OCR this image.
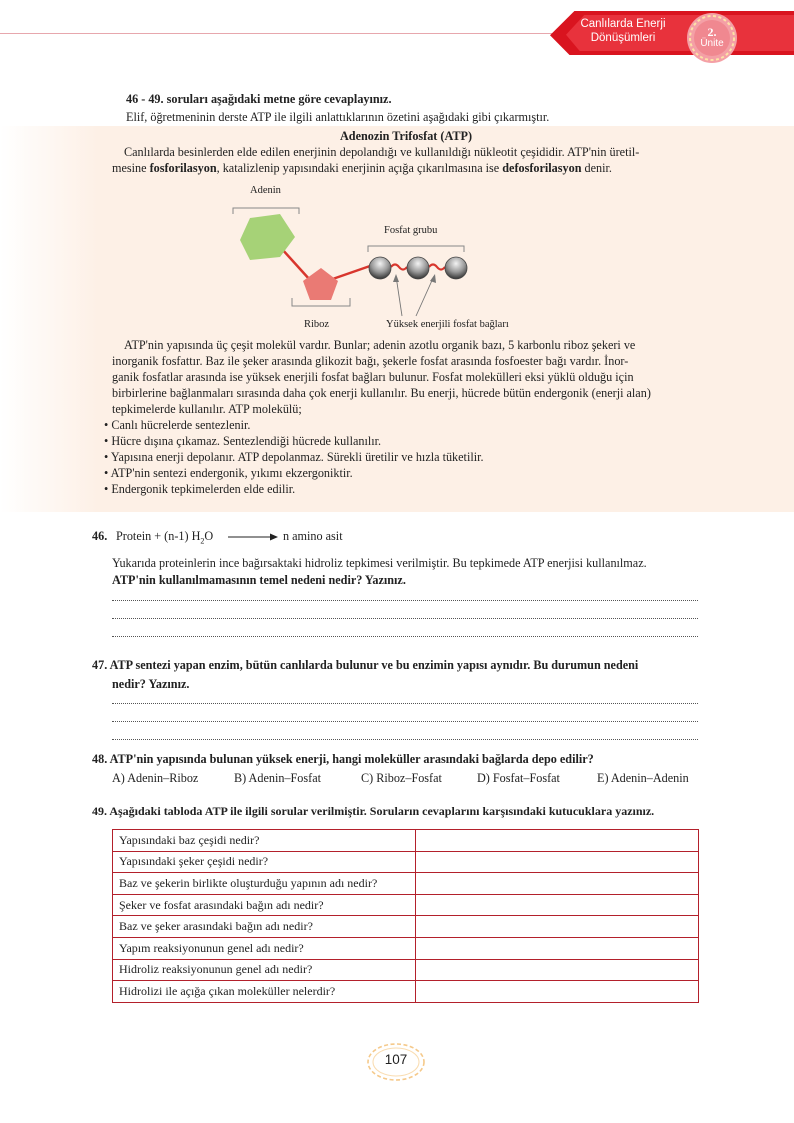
Canlılarda Enerji
Dönüşümleri	2.
Ünite
46 - 49. soruları aşağıdaki metne göre cevaplayınız.
Elif, öğretmeninin derste ATP ile ilgili anlattıklarının özetini aşağıdaki gibi çıkarmıştır.
Adenozin Trifosfat (ATP)
Canlılarda besinlerden elde edilen enerjinin depolandığı ve kullanıldığı nükleotit çeşididir. ATP'nin üretil-
mesine fosforilasyon, katalizlenip yapısındaki enerjinin açığa çıkarılmasına ise defosforilasyon denir.
Adenin
Fosfat grubu
Riboz	Yüksek enerjili fosfat bağları
ATP'nin yapısında üç çeşit molekül vardır. Bunlar; adenin azotlu organik bazı, 5 karbonlu riboz şekeri ve
inorganik fosfattır. Baz ile şeker arasında glikozit bağı, şekerle fosfat arasında fosfoester bağı vardır. İnor-
ganik fosfatlar arasında ise yüksek enerjili fosfat bağları bulunur. Fosfat molekülleri eksi yüklü olduğu için
birbirlerine bağlanmaları sırasında daha çok enerji kullanılır. Bu enerji, hücrede bütün endergonik (enerji alan)
tepkimelerde kullanılır. ATP molekülü;
• Canlı hücrelerde sentezlenir.
• Hücre dışına çıkamaz. Sentezlendiği hücrede kullanılır.
• Yapısına enerji depolanır. ATP depolanmaz. Sürekli üretilir ve hızla tüketilir.
• ATP'nin sentezi endergonik, yıkımı ekzergoniktir.
• Endergonik tepkimelerden elde edilir.
46. Protein + (n-1) $H_2O$	n amino asit
Yukarıda proteinlerin ince bağırsaktaki hidroliz tepkimesi verilmiştir. Bu tepkimede ATP enerjisi kullanılmaz.
ATP'nin kullanılmamasının temel nedeni nedir? Yazınız.
47. ATP sentezi yapan enzim, bütün canlılarda bulunur ve bu enzimin yapısı aynıdır. Bu durumun nedeni
nedir? Yazınız.
48. ATP'nin yapısında bulunan yüksek enerji, hangi moleküller arasındaki bağlarda depo edilir?
A) Adenin–Riboz	B) Adenin–Fosfat	C) Riboz–Fosfat	D) Fosfat–Fosfat	E) Adenin–Adenin
49. Aşağıdaki tabloda ATP ile ilgili sorular verilmiştir. Soruların cevaplarını karşısındaki kutucuklara yazınız.
Yapısındaki baz çeşidi nedir?	
Yapısındaki şeker çeşidi nedir?	
Baz ve şekerin birlikte oluşturduğu yapının adı nedir?	
Şeker ve fosfat arasındaki bağın adı nedir?	
Baz ve şeker arasındaki bağın adı nedir?	
Yapım reaksiyonunun genel adı nedir?	
Hidroliz reaksiyonunun genel adı nedir?	
Hidrolizi ile açığa çıkan moleküller nelerdir?	
107
